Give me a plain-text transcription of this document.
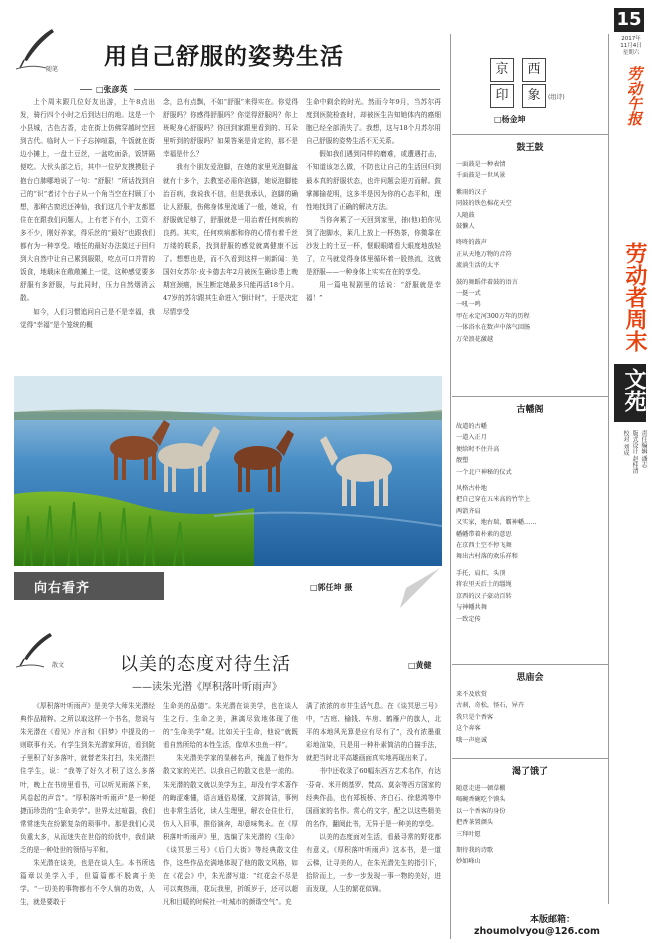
随笔 用自己舒服的姿势生活
□张彦英

上个周末跟几位好友出游，上午8点出发，骑行四个小时之后到达目的地。这是一个小县城，古色古香，走在街上仿佛穿越时空回到古代。临时人一下子忘掉喧嚣，午饭就在街边小摊上，一盘土豆丝，一盆吃面条，饭饼隔便吃。大伙头部之后，其中一位驴友摸摸肚子抱台白肺哪地说了一句：“舒服！”所话找到自己的“识”者讨个台子从一个角当空在村顾丁小想，那种古窗迟还神仙，我们这几个驴友都愿住在在跟我们问题人，上有老下有小，工资不多不少，刚好养家，得乐丝的“最好”也跟我们都有为一种享受。哦任的最好办法莫过于回归到大自然中让自己累到服限，吃点可口并胃的饭食，地载床在敞敞摊上一觉，这种感觉要多舒服有多舒服，与此同时，压力自然烟消云散。

如今，人们习惯追问自己是不是幸福，我觉得“幸福”是个笼统的概

念，总有点飘，不如“舒服”来得实在。你觉得舒服吗？你感得舒服吗？你觉得舒服吗？你上班呢身心舒服吗？你回到家跟里看到的、耳朵里听到的舒服吗？如果答案是肯定的，那不是幸福是什么？

我有个朋友爱泡脚，在她的家里光泡脚盆就有十多个，去教室必需你泡脚，她说泡脚能治百病，我说我不信，但是我承认，泡脚的确让人舒服，伤佛身体里流通了一般，她说，有舒服就足够了，舒服就是一用治着任何疾病的良药。其实，任何疾病都和你的心情有着千丝万缕的联系，找到舒服的感觉就离健康不远了。想想也是，而不久看到这样一则新闻：美国妇女苏尔·皮卡德去年2月被医生确诊患上晚期宫颈癌，医生断定她最多只能再活18个月。47岁的苏尔跟其生命进入“倒计时”，于是决定尽情享受

生命中剩余的时光。然而今年9月，当苏尔再度到医院检查时，却被医生告知她体内的癌细胞已经全部消失了。我想，这与18个月苏尔用自己舒服的姿势生活不无关系。

假如我们遇到同样的磨难，或遭遇打击，不知道该怎么做，不防也让自己的生活回归到最本真的舒服状态，也许问题会迎刃而解。鼓掌揶揄花明，这多半是因为你的心态平和，理性地找到了正确的解决方法。

当你奔累了一天回到家里，抽(他)拍你见到了泡脚水，莱几上放上一杯热茶，你微靠在沙发上的土豆一杯，惬眼眼睛看大眼度地放轻了，立马就觉得身体里循环着一股热流，这就是舒服——一种身体上实实在在的享受。

用一篇电视剧里的话说：“舒服就是幸福！”

向右看齐	□郭任坤 摄
散文	以美的态度对待生活
——读朱光潜《厚积落叶听雨声》
□黄健

《厚积落叶听雨声》是美学大师朱光潜经典作品精粹。之所以取这样一个书名，您说与朱光潜在《看见》序言和《旧梦》中提及的一则联事有关。有学生到朱光潜家拜访，看到院子里积了好多落叶，就替老朱打扫，朱光潜拦住学生，说：“我等了好久才积了这么多落叶，晚上在书房里看书，可以听见雨落下来，风卷起的声音”。“厚积落叶听雨声”是一种便捷而珍贵的“生命美学”。世界太过喧嚣，我们常常迷失在纷繁复杂的琐事中。那是我们心灵负重太多，从而迷失在世俗的纷扰中，我们缺乏的是一种处世的领悟与平和。

朱光潜在谈美，也是在谈人生。本书所选篇章以美学入手，但篇篇都不脱离于美学。“一切美的事物都有不令人恼的功效，人生，就是要敢于

生命美的品德”。朱光潜在谈美学，也在谈人生之行、生命之美，淋漓尽致地体现了他的“生命美学”观。比如关于生命，他说“就既看自然所给的本性生活，像草木虫鱼一样”。

朱光潜美学家的显赫名声，掩盖了他作为散文家的光芒。以我自己的散文也是一流的。朱光潜的散文就以美学为主，却没有学术著作的晦涩难懂，语言通俗易懂，文辞简洁，事例也非常生活化，读人生理里，解衣仓住仕行，仿人入旧事，推俗演奔，却意味隽永。在《厚积落叶听雨声》里，选编了朱光潜的《生命》《谈冥思三号》《后门大街》等经典散文佳作，这些作品充满地体现了他的散文风格，如在《花会》中，朱光潜写道：“红花会不尽是可以爽热雨，花玩我里，折皈岁于，还可以超凡和目暖的时候社一吐城市的颜谐空气”。充

满了浓浓的市井生活气息。在《谈冥思三号》中，“古庭、榆钱、车房、鹤雁户的旗人，北平的本地风光算是应有尽有了”，没有浓墨重彩地渲染，只是用一种朴素简洁的白描手法，就把当时北平高雄画面真实地再现出来了。

书中还收录了60幅东西方艺术名作，有达·芬奇、米开朗基罗、梵高、莫奈等西方国家的经典作品，也有郑板桥、齐白石、徐悲鸿等中国画家的名作。赏心的文字，配之以这些精美的名作，翻阅此书，无异于是一种美的享受。

以美的态度面对生活，看最寻常的野花都有意义。《厚积落叶听雨声》这本书，是一道云梯，让寻美的人，在朱光潜先生的指引下，拾阶而上，一步一步发现一事一物的美好，进而发现，人生的繁花似锦。

京	西
印	象	(组诗)
□杨金坤
鼓王鼓
一面鼓是一种表情
千面鼓是一世风景

紫雨的汉子
同鼓的铁色棉花天空
人随鼓
鼓懒人

咚咚的鼓声
正从天地万物的音符
流淌生活的太平

鼓的舞蹈伴着鼓的语言
一挺一式
一吼一鸣
甲在永定河300万年的历程
一体浴水在数声中落气回肠
万荣浪花激越
古幡阁
故道的古幡
一道入正月
便给时不住升高
靓塑
一个北户神秘的仪式

风格古朴地
把自己穿在五米高的竹竿上
两箭齐肩
又实家，地右瑞，霸神幡……
幡幡带着朴素的意思
在京西土空不停飞舞
舞出古村落的欢乐祥和

手托，肩扛，头顶
将农里天后土的缰绳
京西的汉子豪动百转
与神幡共舞
一致定传
思庙会
来不及欣赏
古刹，奇松，怪石，异卉
我只是个香客
这个奔客
哦一声庭诚
渴了饿了
随意走进一顿草棚
喝碗香碗吃个馍头
以一个香客的身份
把香茶置颜头
三拜叶愿

期待我的诗歌
妙如峰山
15
2017年
11月4日
星期六
劳动午报
劳动者周末
文苑
责任编辑 潘志
版式设计 赵桂清
校对 刘成
本版邮箱：
zhoumolvyou@126.com
